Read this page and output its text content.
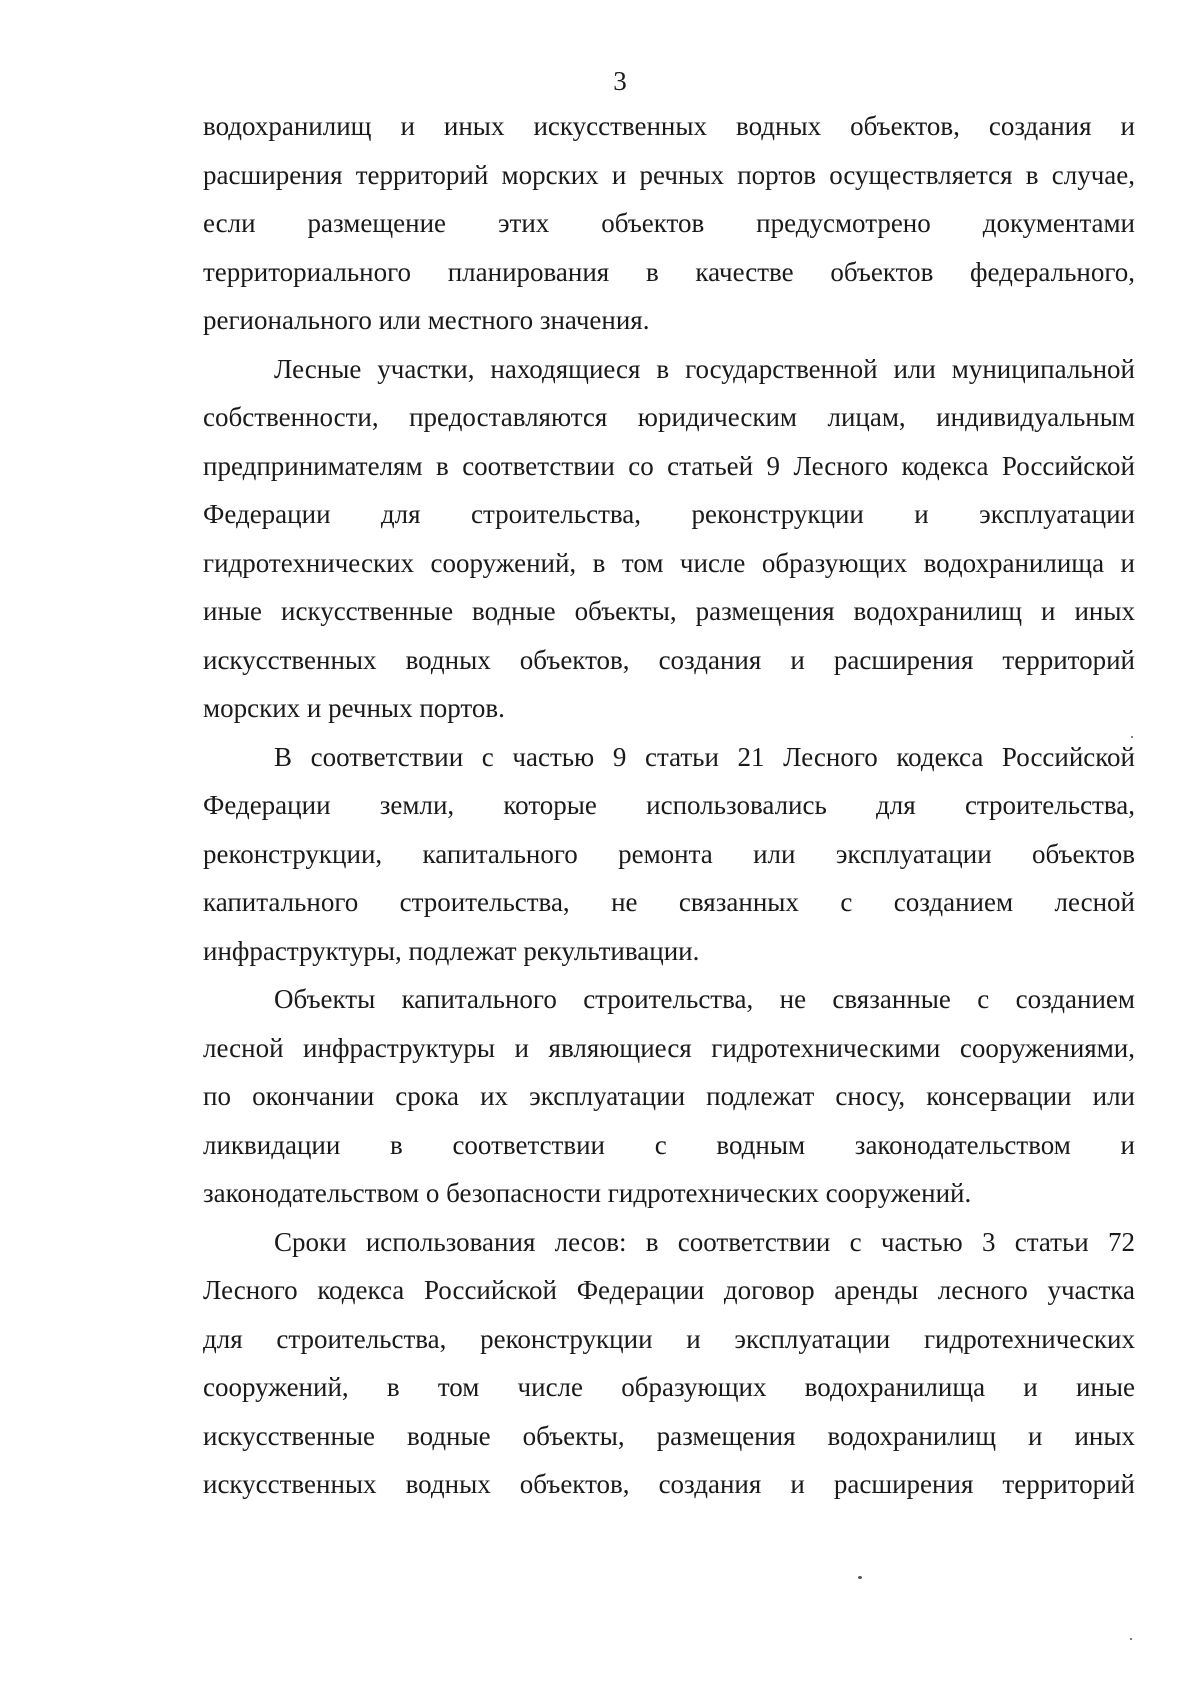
3
водохранилищ и иных искусственных водных объектов, создания и
расширения территорий морских и речных портов осуществляется в случае,
если размещение этих объектов предусмотрено документами
территориального планирования в качестве объектов федерального,
регионального или местного значения.
Лесные участки, находящиеся в государственной или муниципальной
собственности, предоставляются юридическим лицам, индивидуальным
предпринимателям в соответствии со статьей 9 Лесного кодекса Российской
Федерации для строительства, реконструкции и эксплуатации
гидротехнических сооружений, в том числе образующих водохранилища и
иные искусственные водные объекты, размещения водохранилищ и иных
искусственных водных объектов, создания и расширения территорий
морских и речных портов.
В соответствии с частью 9 статьи 21 Лесного кодекса Российской
Федерации земли, которые использовались для строительства,
реконструкции, капитального ремонта или эксплуатации объектов
капитального строительства, не связанных с созданием лесной
инфраструктуры, подлежат рекультивации.
Объекты капитального строительства, не связанные с созданием
лесной инфраструктуры и являющиеся гидротехническими сооружениями,
по окончании срока их эксплуатации подлежат сносу, консервации или
ликвидации в соответствии с водным законодательством и
законодательством о безопасности гидротехнических сооружений.
Сроки использования лесов: в соответствии с частью 3 статьи 72
Лесного кодекса Российской Федерации договор аренды лесного участка
для строительства, реконструкции и эксплуатации гидротехнических
сооружений, в том числе образующих водохранилища и иные
искусственные водные объекты, размещения водохранилищ и иных
искусственных водных объектов, создания и расширения территорий
